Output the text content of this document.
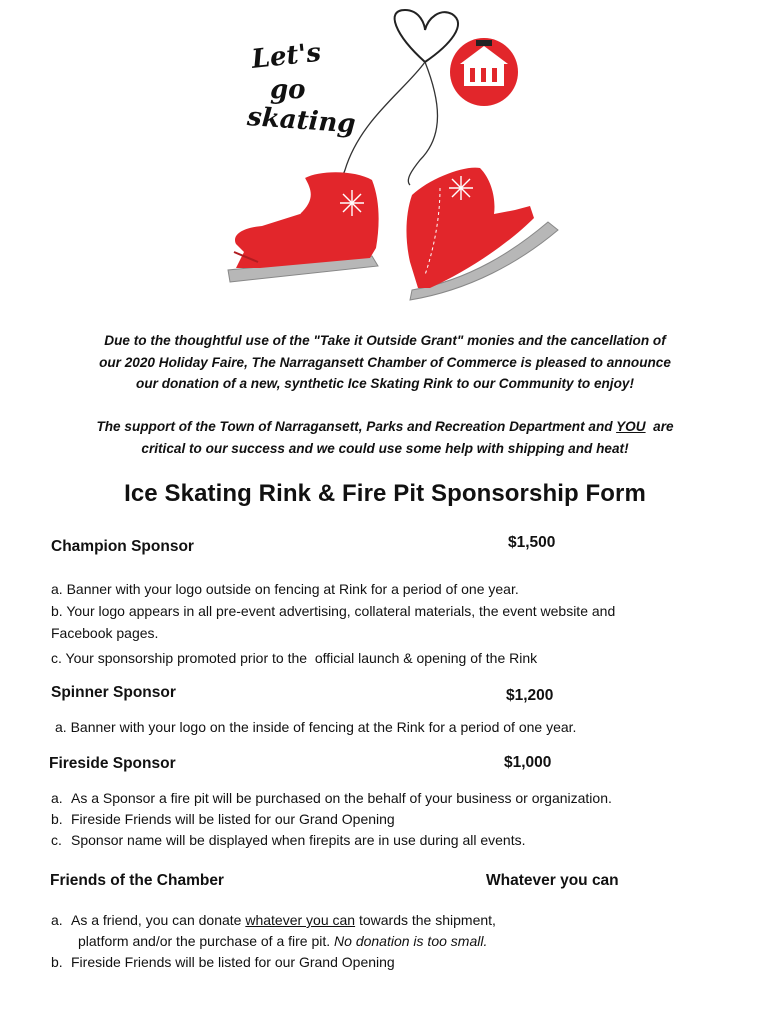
Let's
go
skating
Due to the thoughtful use of the "Take it Outside Grant" monies and the cancellation of
our 2020 Holiday Faire, The Narragansett Chamber of Commerce is pleased to announce
our donation of a new, synthetic Ice Skating Rink to our Community to enjoy!
The support of the Town of Narragansett, Parks and Recreation Department and YOU  are
critical to our success and we could use some help with shipping and heat!
Ice Skating Rink & Fire Pit Sponsorship Form
Champion Sponsor	$1,500
a. Banner with your logo outside on fencing at Rink for a period of one year.
b. Your logo appears in all pre-event advertising, collateral materials, the event website and
Facebook pages.
c. Your sponsorship promoted prior to the  official launch & opening of the Rink
Spinner Sponsor	$1,200
a. Banner with your logo on the inside of fencing at the Rink for a period of one year.
Fireside Sponsor	$1,000
a. As a Sponsor a fire pit will be purchased on the behalf of your business or organization.
b. Fireside Friends will be listed for our Grand Opening
c. Sponsor name will be displayed when firepits are in use during all events.
Friends of the Chamber	Whatever you can
a. As a friend, you can donate whatever you can towards the shipment,
platform and/or the purchase of a fire pit. No donation is too small.
b. Fireside Friends will be listed for our Grand Opening
